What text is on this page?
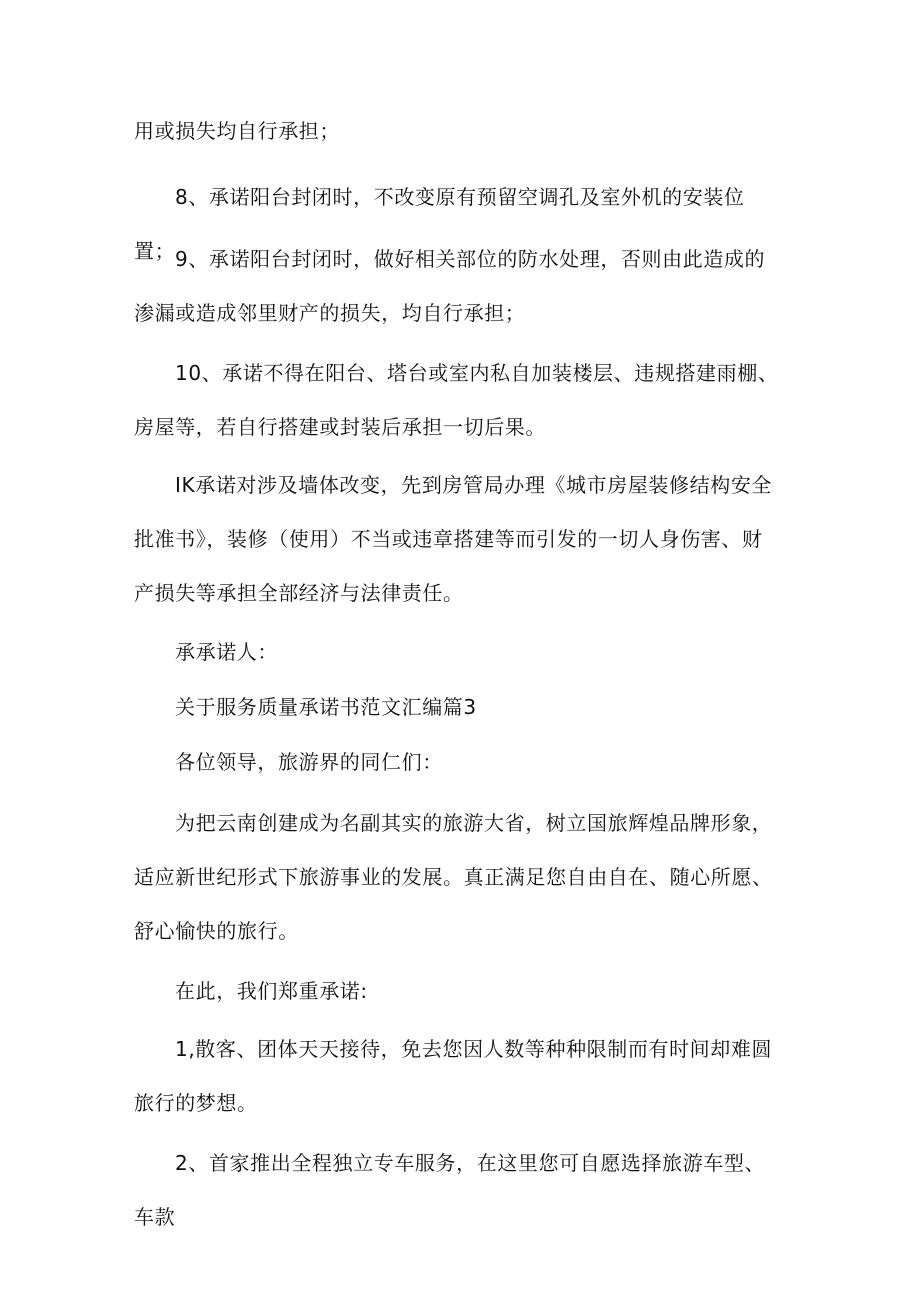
用或损失均自行承担；

8、承诺阳台封闭时，不改变原有预留空调孔及室外机的安装位置； 9、承诺阳台封闭时，做好相关部位的防水处理，否则由此造成的渗漏或造成邻里财产的损失，均自行承担；

10、承诺不得在阳台、塔台或室内私自加装楼层、违规搭建雨棚、房屋等，若自行搭建或封装后承担一切后果。

IK承诺对涉及墙体改变，先到房管局办理《城市房屋装修结构安全批准书》，装修（使用）不当或违章搭建等而引发的一切人身伤害、财产损失等承担全部经济与法律责任。

承承诺人：

关于服务质量承诺书范文汇编篇3

各位领导，旅游界的同仁们：

为把云南创建成为名副其实的旅游大省，树立国旅辉煌品牌形象，适应新世纪形式下旅游事业的发展。真正满足您自由自在、随心所愿、舒心愉快的旅行。

在此，我们郑重承诺:

1,散客、团体天天接待，免去您因人数等种种限制而有时间却难圆旅行的梦想。

2、首家推出全程独立专车服务，在这里您可自愿选择旅游车型、车款
